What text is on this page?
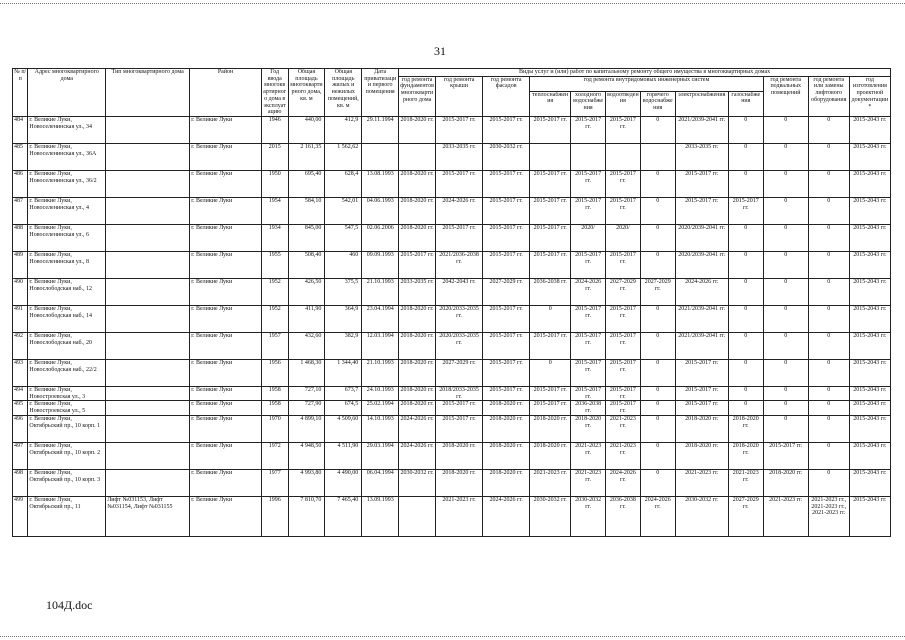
31
№ п/п	Адрес многоквартирного дома	Тип многоквартирного дома	Район	Год ввода многоквартирного дома в эксплуатацию	Общая площадь многоквартирного дома, кв. м	Общая площадь жилых и нежилых помещений, кв. м	Дата приватизации первого помещения	Виды услуг и (или) работ по капитальному ремонту общего имущества в многоквартирных домах											
								год ремонта фундаментов многоквартирного дома	год ремонта крыши	год ремонта фасадов	год ремонта внутридомовых инженерных систем						год ремонта подвальных помещений	год ремонта или замены лифтового оборудования	год изготовления проектной документации*
											теплоснабжения	холодного водоснабжения	водоотведения	горячего водоснабжения	электроснабжения	газоснабжения			
484	г. Великие Луки, Новоселенинская ул., 34		г. Великие Луки	1946	440,00	412,9	29.11.1994	2018-2020 гг.	2015-2017 гг.	2015-2017 гг.	2015-2017 гг.	2015-2017 гг.	2015-2017 гг.	0	2021/2039-2041 гг.	0	0	0	2015-2043 гг.
485	г. Великие Луки, Новоселенинская ул., 36А		г. Великие Луки	2015	2 161,35	1 562,62			2033-2035 гг.	2030-2032 гг.					2033-2035 гг.	0	0	0	2015-2043 гг.
486	г. Великие Луки, Новоселенинская ул., 36/2		г. Великие Луки	1950	695,40	628,4	13.08.1993	2018-2020 гг.	2015-2017 гг.	2015-2017 гг.	2015-2017 гг.	2015-2017 гг.	2015-2017 гг.	0	2015-2017 гг.	0	0	0	2015-2043 гг.
487	г. Великие Луки, Новоселенинская ул., 4		г. Великие Луки	1954	584,10	542,01	04.06.1993	2018-2020 гг.	2024-2026 гг.	2015-2017 гг.	2015-2017 гг.	2015-2017 гг.	2015-2017 гг.	0	2015-2017 гг.	2015-2017 гг.	0	0	2015-2043 гг.
488	г. Великие Луки, Новоселенинская ул., 6		г. Великие Луки	1934	845,00	547,5	02.06.2006	2018-2020 гг.	2015-2017 гг.	2015-2017 гг.	2015-2017 гг.	2020/	2020/	0	2020/2039-2041 гг.	0	0	0	2015-2043 гг.
489	г. Великие Луки, Новоселенинская ул., 8		г. Великие Луки	1955	508,40	460	09.09.1993	2015-2017 гг.	2021/2036-2038 гг.	2015-2017 гг.	2015-2017 гг.	2015-2017 гг.	2015-2017 гг.	0	2020/2039-2041 гг.	0	0	0	2015-2043 гг.
490	г. Великие Луки, Новослободская наб., 12		г. Великие Луки	1952	426,50	375,5	21.10.1993	2033-2035 гг.	2042-2043 гг.	2027-2029 гг.	2036-2038 гг.	2024-2026 гг.	2027-2029 гг.	2027-2029 гг.	2024-2026 гг.	0	0	0	2015-2043 гг.
491	г. Великие Луки, Новослободская наб., 14		г. Великие Луки	1952	411,90	364,9	23.04.1994	2018-2020 гг.	2020/2033-2035 гг.	2015-2017 гг.	0	2015-2017 гг.	2015-2017 гг.	0	2021/2039-2041 гг.	0	0	0	2015-2043 гг.
492	г. Великие Луки, Новослободская наб., 20		г. Великие Луки	1957	432,60	382,9	12.03.1994	2018-2020 гг.	2020/2033-2035 гг.	2015-2017 гг.	2015-2017 гг.	2015-2017 гг.	2015-2017 гг.	0	2021/2039-2041 гг.	0	0	0	2015-2043 гг.
493	г. Великие Луки, Новослободская наб., 22/2		г. Великие Луки	1956	1 468,30	1 344,40	21.10.1993	2018-2020 гг.	2027-2029 гг.	2015-2017 гг.	0	2015-2017 гг.	2015-2017 гг.	0	2015-2017 гг.	0	0	0	2015-2043 гг.
494	г. Великие Луки, Новостроевская ул., 3		г. Великие Луки	1958	727,10	673,7	24.10.1993	2018-2020 гг.	2018/2033-2035 гг.	2015-2017 гг.	2015-2017 гг.	2015-2017 гг.	2015-2017 гг.	0	2015-2017 гг.	0	0	0	2015-2043 гг.
495	г. Великие Луки, Новостроевская ул., 5		г. Великие Луки	1958	727,90	674,5	25.02.1994	2018-2020 гг.	2015-2017 гг.	2018-2020 гг.	2015-2017 гг.	2036-2038 гг.	2015-2017 гг.	0	2015-2017 гг.	0	0	0	2015-2043 гг.
496	г. Великие Луки, Октябрьский пр., 10 корп. 1		г. Великие Луки	1970	4 899,10	4 509,60	14.10.1993	2024-2026 гг.	2015-2017 гг.	2018-2020 гг.	2018-2020 гг.	2018-2020 гг.	2021-2023 гг.	0	2018-2020 гг.	2018-2020 гг.	0	0	2015-2043 гг.
497	г. Великие Луки, Октябрьский пр., 10 корп. 2		г. Великие Луки	1972	4 948,50	4 511,90	29.03.1994	2024-2026 гг.	2018-2020 гг.	2018-2020 гг.	2018-2020 гг.	2021-2023 гг.	2021-2023 гг.	0	2018-2020 гг.	2018-2020 гг.	2015-2017 гг.	0	2015-2043 гг.
498	г. Великие Луки, Октябрьский пр., 10 корп. 3		г. Великие Луки	1977	4 993,80	4 490,00	06.04.1994	2030-2032 гг.	2018-2020 гг.	2018-2020 гг.	2021-2023 гг.	2021-2023 гг.	2024-2026 гг.	0	2021-2023 гг.	2021-2023 гг.	2018-2020 гг.	0	2015-2043 гг.
499	г. Великие Луки, Октябрьский пр., 11	Лифт №031153, Лифт №031154, Лифт №031155	г. Великие Луки	1996	7 810,70	7 465,40	13.09.1993		2021-2023 гг.	2024-2026 гг.	2030-2032 гг.	2030-2032 гг.	2036-2038 гг.	2024-2026 гг.	2030-2032 гг.	2027-2029 гг.	2021-2023 гг.	2021-2023 гг., 2021-2023 гг., 2021-2023 гг.	2015-2043 гг.
104Д.doc
